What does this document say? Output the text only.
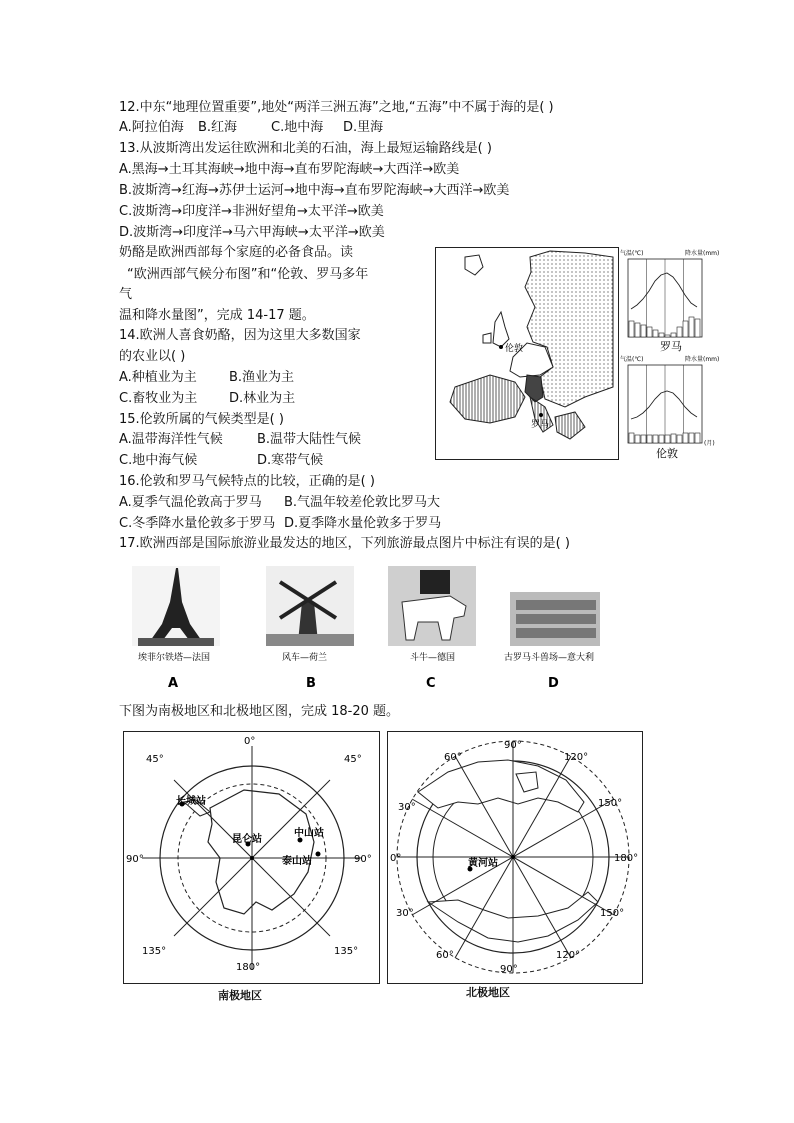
12.中东“地理位置重要”,地处“两洋三洲五海”之地,“五海”中不属于海的是( )
A.阿拉伯海 B.红海	C.地中海 D.里海
13.从波斯湾出发运往欧洲和北美的石油，海上最短运输路线是( )
A.黑海→土耳其海峡→地中海→直布罗陀海峡→大西洋→欧美
B.波斯湾→红海→苏伊士运河→地中海→直布罗陀海峡→大西洋→欧美
C.波斯湾→印度洋→非洲好望角→太平洋→欧美
D.波斯湾→印度洋→马六甲海峡→太平洋→欧美
奶酪是欧洲西部每个家庭的必备食品。读
“欧洲西部气候分布图”和“伦敦、罗马多年
气
温和降水量图”，完成 14-17 题。
14.欧洲人喜食奶酪，因为这里大多数国家
的农业以( )
A.种植业为主 B.渔业为主
C.畜牧业为主 D.林业为主
15.伦敦所属的气候类型是( )
A.温带海洋性气候	B.温带大陆性气候
C.地中海气候	D.寒带气候
16.伦敦和罗马气候特点的比较，正确的是( )
A.夏季气温伦敦高于罗马 B.气温年较差伦敦比罗马大
C.冬季降水量伦敦多于罗马 D.夏季降水量伦敦多于罗马
17.欧洲西部是国际旅游业最发达的地区，下列旅游最点图片中标注有误的是( )
伦敦
罗马
气温(℃)	降水量(mm)
罗马
气温(℃)	降水量(mm)
(月)
伦敦
埃菲尔铁塔—法国
A
风车—荷兰
B
斗牛—德国
C
古罗马斗兽场—意大利
D
下图为南极地区和北极地区图，完成 18-20 题。
0°
45°	45°
90°	90°
135°	135°
180°
长城站
昆仑站
中山站
泰山站
南极地区
90°
60°
30°
0°
30°
60°
90°
120°
150°
180°
150°
120°
黄河站
北极地区
